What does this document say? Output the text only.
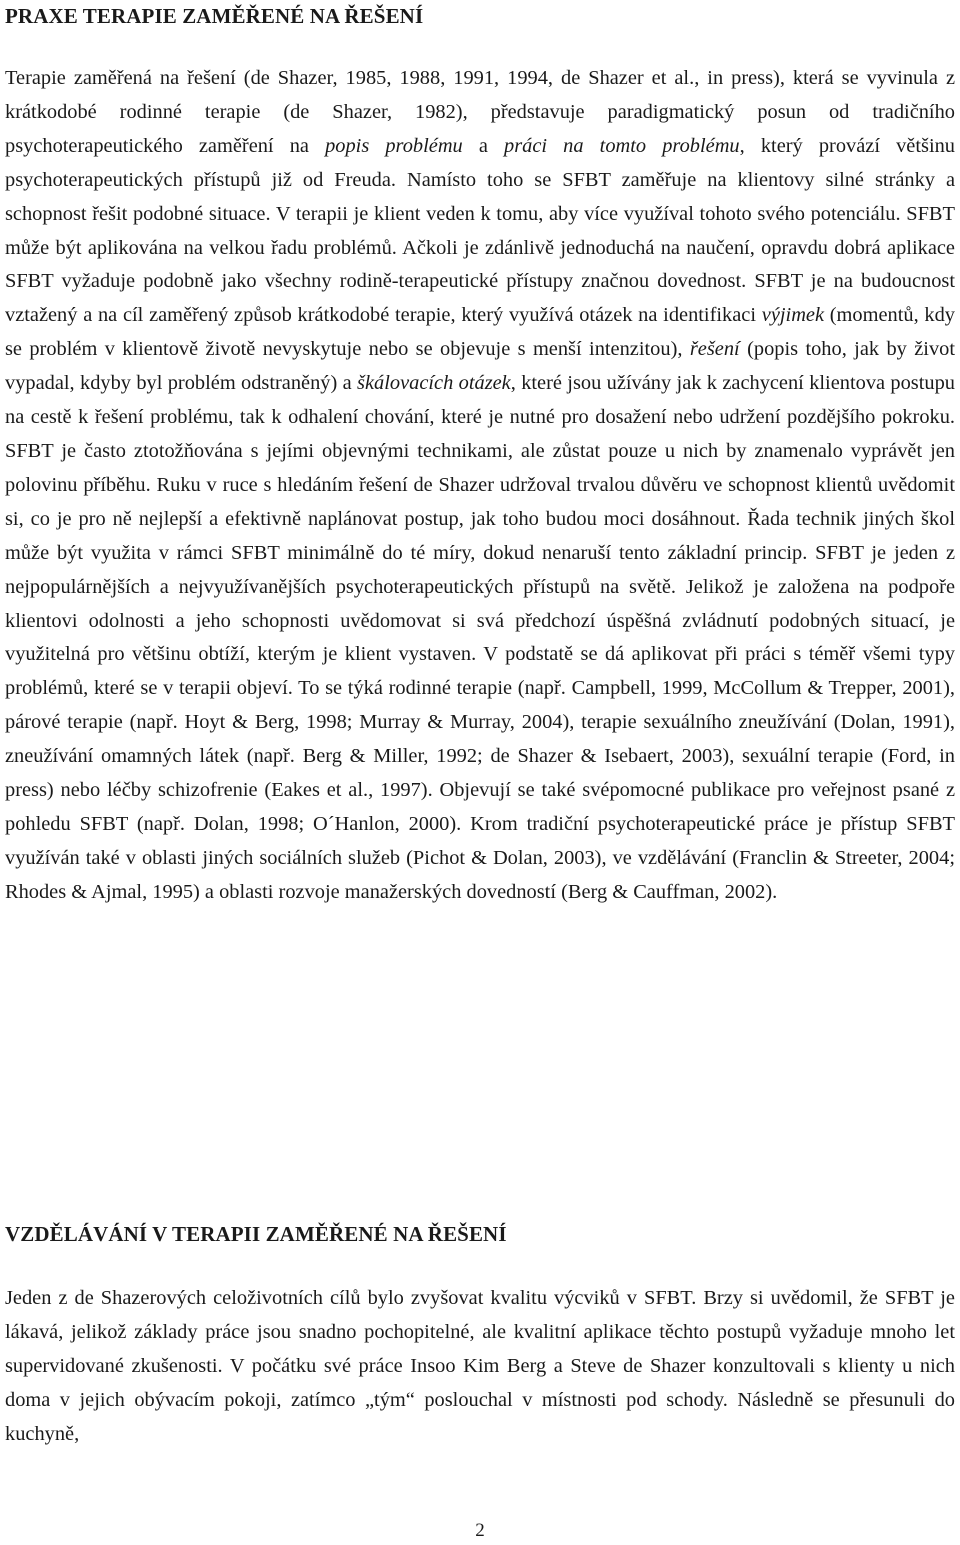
PRAXE TERAPIE ZAMĚŘENÉ NA ŘEŠENÍ

Terapie zaměřená na řešení (de Shazer, 1985, 1988, 1991, 1994, de Shazer et al., in press), která se vyvinula z krátkodobé rodinné terapie (de Shazer, 1982), představuje paradigmatický posun od tradičního psychoterapeutického zaměření na popis problému a práci na tomto problému, který provází většinu psychoterapeutických přístupů již od Freuda. Namísto toho se SFBT zaměřuje na klientovy silné stránky a schopnost řešit podobné situace. V terapii je klient veden k tomu, aby více využíval tohoto svého potenciálu. SFBT může být aplikována na velkou řadu problémů. Ačkoli je zdánlivě jednoduchá na naučení, opravdu dobrá aplikace SFBT vyžaduje podobně jako všechny rodině-terapeutické přístupy značnou dovednost. SFBT je na budoucnost vztažený a na cíl zaměřený způsob krátkodobé terapie, který využívá otázek na identifikaci výjimek (momentů, kdy se problém v klientově životě nevyskytuje nebo se objevuje s menší intenzitou), řešení (popis toho, jak by život vypadal, kdyby byl problém odstraněný) a škálovacích otázek, které jsou užívány jak k zachycení klientova postupu na cestě k řešení problému, tak k odhalení chování, které je nutné pro dosažení nebo udržení pozdějšího pokroku. SFBT je často ztotožňována s jejími objevnými technikami, ale zůstat pouze u nich by znamenalo vyprávět jen polovinu příběhu. Ruku v ruce s hledáním řešení de Shazer udržoval trvalou důvěru ve schopnost klientů uvědomit si, co je pro ně nejlepší a efektivně naplánovat postup, jak toho budou moci dosáhnout. Řada technik jiných škol může být využita v rámci SFBT minimálně do té míry, dokud nenaruší tento základní princip. SFBT je jeden z nejpopulárnějších a nejvyužívanějších psychoterapeutických přístupů na světě. Jelikož je založena na podpoře klientovi odolnosti a jeho schopnosti uvědomovat si svá předchozí úspěšná zvládnutí podobných situací, je využitelná pro většinu obtíží, kterým je klient vystaven. V podstatě se dá aplikovat při práci s téměř všemi typy problémů, které se v terapii objeví. To se týká rodinné terapie (např. Campbell, 1999, McCollum & Trepper, 2001), párové terapie (např. Hoyt & Berg, 1998; Murray & Murray, 2004), terapie sexuálního zneužívání (Dolan, 1991), zneužívání omamných látek (např. Berg & Miller, 1992; de Shazer & Isebaert, 2003), sexuální terapie (Ford, in press) nebo léčby schizofrenie (Eakes et al., 1997). Objevují se také svépomocné publikace pro veřejnost psané z pohledu SFBT (např. Dolan, 1998; O´Hanlon, 2000). Krom tradiční psychoterapeutické práce je přístup SFBT využíván také v oblasti jiných sociálních služeb (Pichot & Dolan, 2003), ve vzdělávání (Franclin & Streeter, 2004; Rhodes & Ajmal, 1995) a oblasti rozvoje manažerských dovedností (Berg & Cauffman, 2002).

VZDĚLÁVÁNÍ V TERAPII ZAMĚŘENÉ NA ŘEŠENÍ

Jeden z de Shazerových celoživotních cílů bylo zvyšovat kvalitu výcviků v SFBT. Brzy si uvědomil, že SFBT je lákavá, jelikož základy práce jsou snadno pochopitelné, ale kvalitní aplikace těchto postupů vyžaduje mnoho let supervidované zkušenosti. V počátku své práce Insoo Kim Berg a Steve de Shazer konzultovali s klienty u nich doma v jejich obývacím pokoji, zatímco „tým“ poslouchal v místnosti pod schody. Následně se přesunuli do kuchyně,

2
